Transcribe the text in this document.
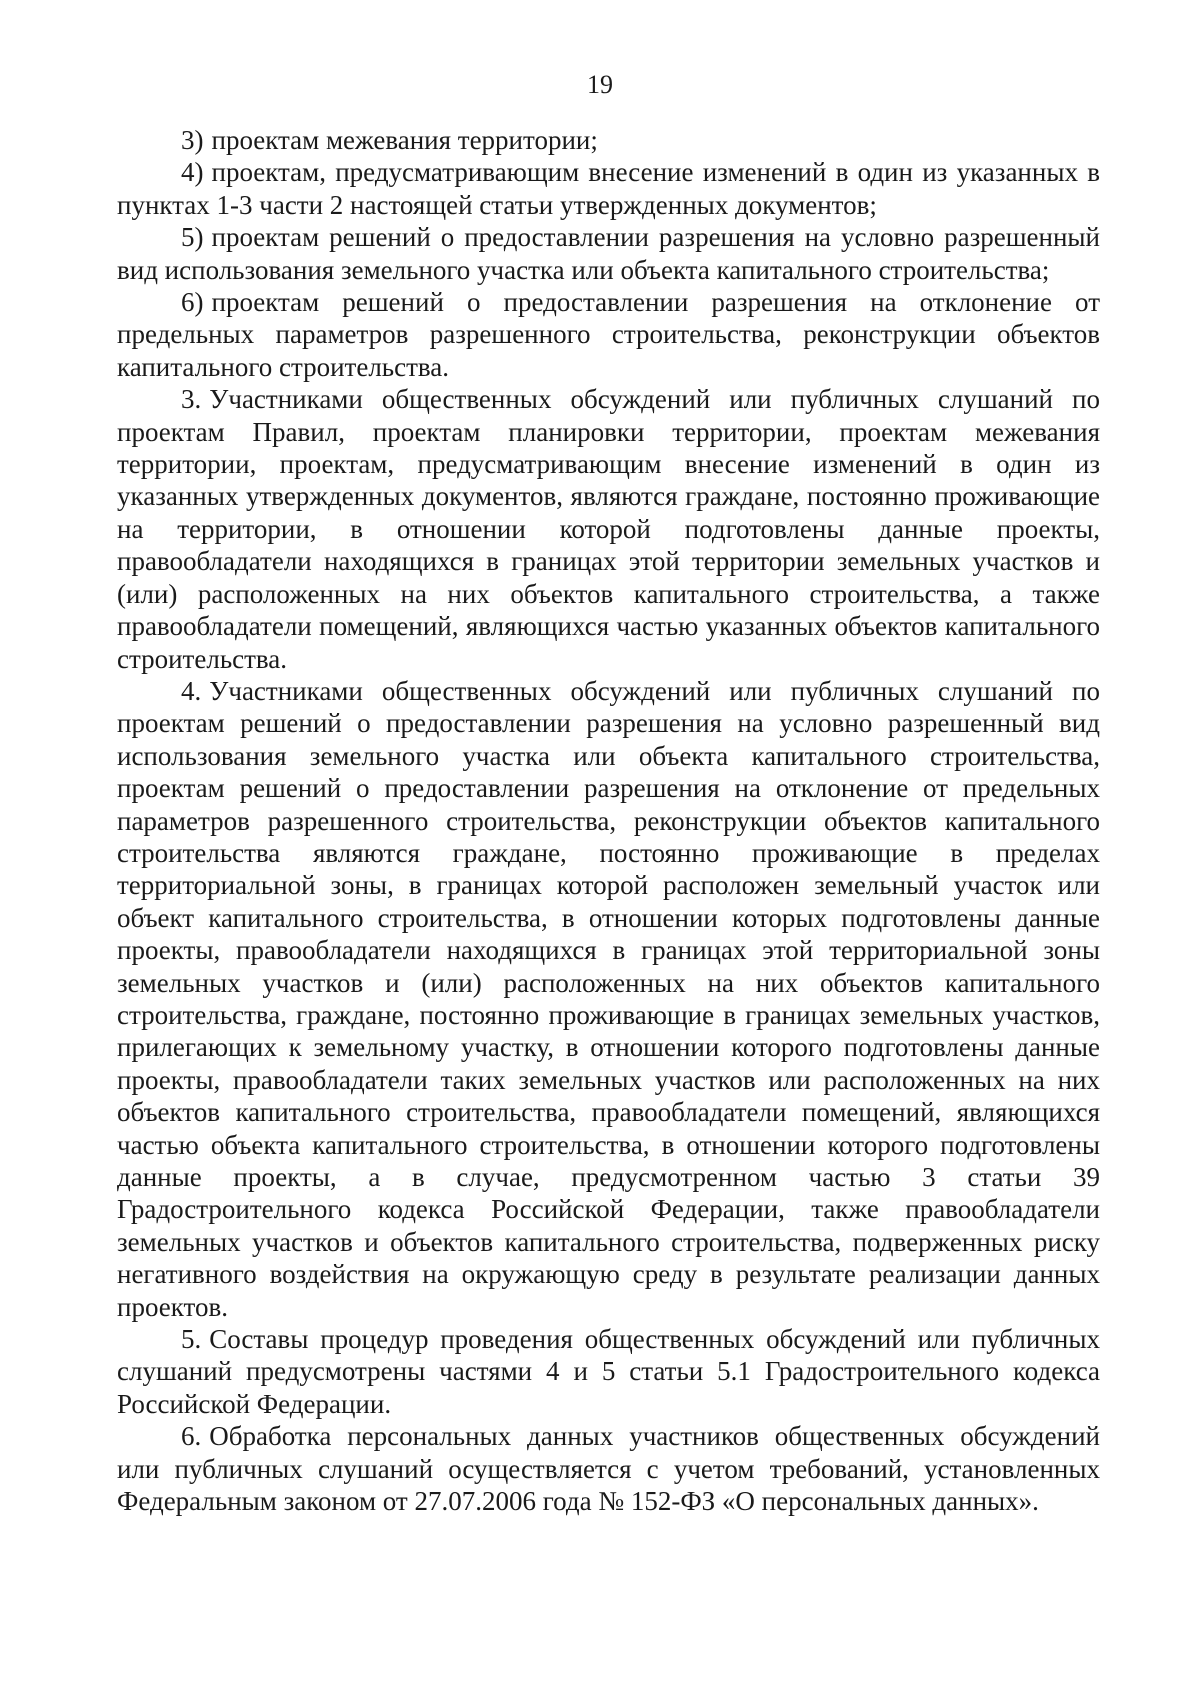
19

3) проектам межевания территории;

4) проектам, предусматривающим внесение изменений в один из указанных в пунктах 1-3 части 2 настоящей статьи утвержденных документов;

5) проектам решений о предоставлении разрешения на условно разрешенный вид использования земельного участка или объекта капитального строительства;

6) проектам решений о предоставлении разрешения на отклонение от предельных параметров разрешенного строительства, реконструкции объектов капитального строительства.

3. Участниками общественных обсуждений или публичных слушаний по проектам Правил, проектам планировки территории, проектам межевания территории, проектам, предусматривающим внесение изменений в один из указанных утвержденных документов, являются граждане, постоянно проживающие на территории, в отношении которой подготовлены данные проекты, правообладатели находящихся в границах этой территории земельных участков и (или) расположенных на них объектов капитального строительства, а также правообладатели помещений, являющихся частью указанных объектов капитального строительства.

4. Участниками общественных обсуждений или публичных слушаний по проектам решений о предоставлении разрешения на условно разрешенный вид использования земельного участка или объекта капитального строительства, проектам решений о предоставлении разрешения на отклонение от предельных параметров разрешенного строительства, реконструкции объектов капитального строительства являются граждане, постоянно проживающие в пределах территориальной зоны, в границах которой расположен земельный участок или объект капитального строительства, в отношении которых подготовлены данные проекты, правообладатели находящихся в границах этой территориальной зоны земельных участков и (или) расположенных на них объектов капитального строительства, граждане, постоянно проживающие в границах земельных участков, прилегающих к земельному участку, в отношении которого подготовлены данные проекты, правообладатели таких земельных участков или расположенных на них объектов капитального строительства, правообладатели помещений, являющихся частью объекта капитального строительства, в отношении которого подготовлены данные проекты, а в случае, предусмотренном частью 3 статьи 39 Градостроительного кодекса Российской Федерации, также правообладатели земельных участков и объектов капитального строительства, подверженных риску негативного воздействия на окружающую среду в результате реализации данных проектов.

5. Составы процедур проведения общественных обсуждений или публичных слушаний предусмотрены частями 4 и 5 статьи 5.1 Градостроительного кодекса Российской Федерации.

6. Обработка персональных данных участников общественных обсуждений или публичных слушаний осуществляется с учетом требований, установленных Федеральным законом от 27.07.2006 года № 152-ФЗ «О персональных данных».
